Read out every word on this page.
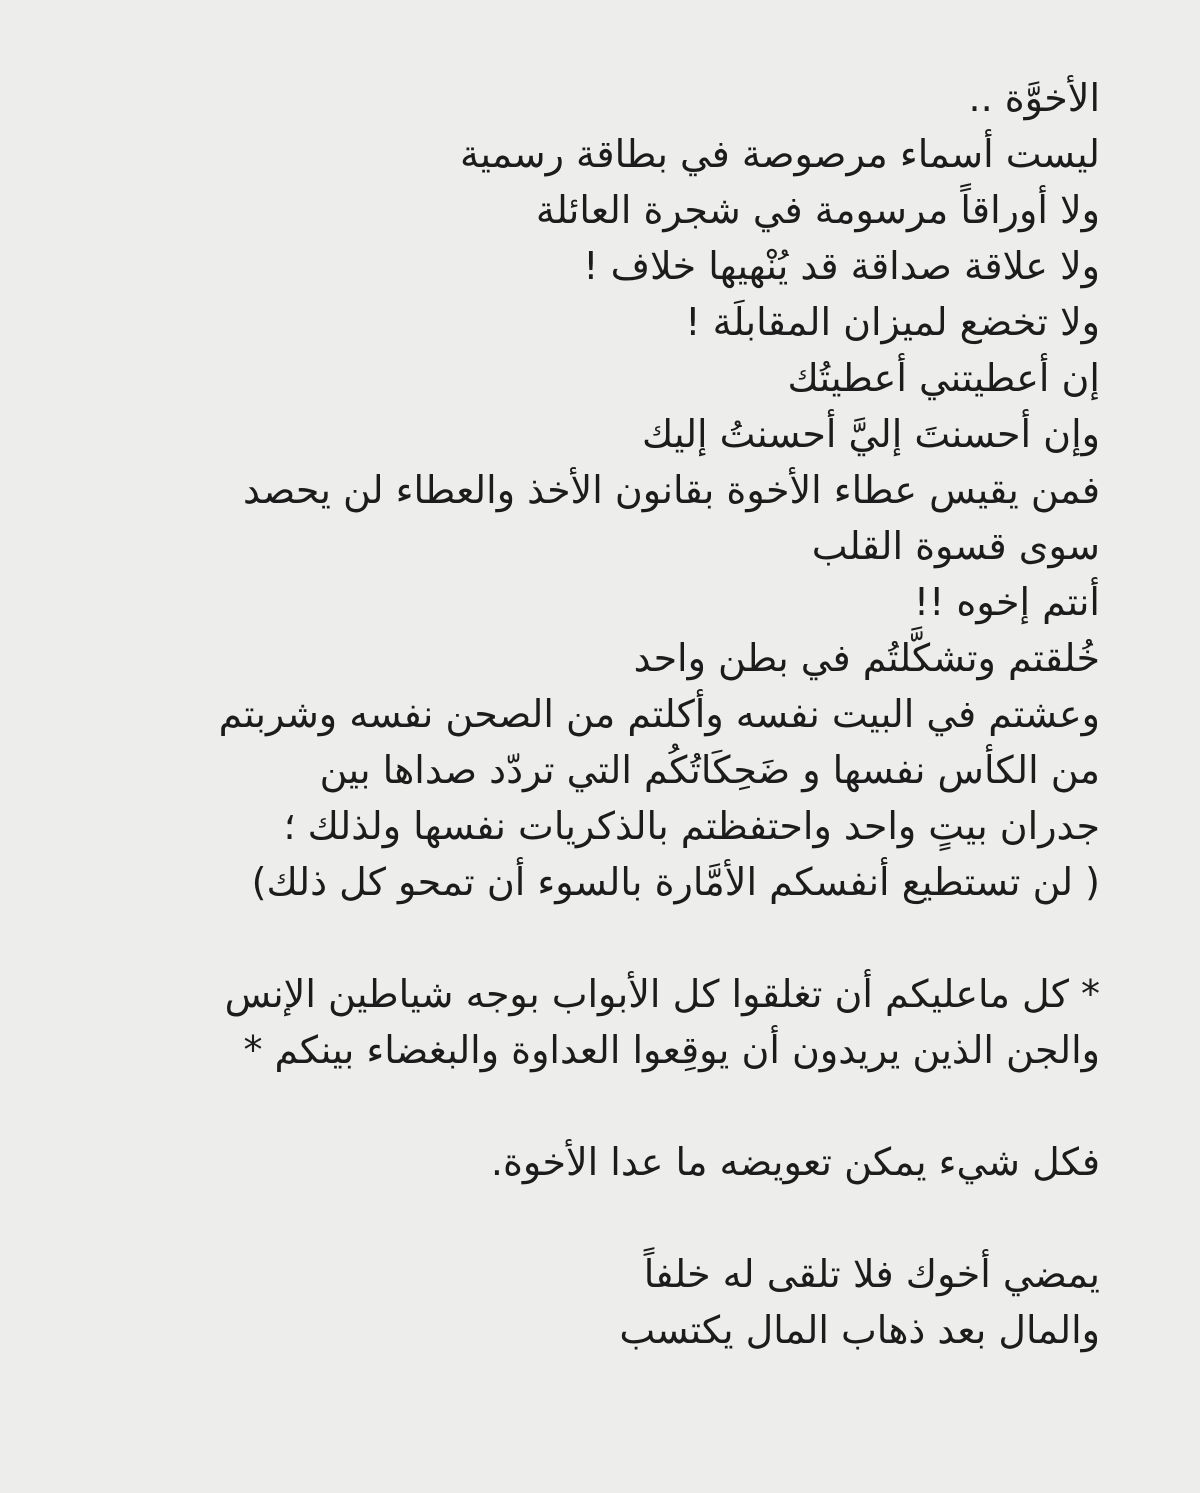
الأخوَّة ..
ليست أسماء مرصوصة في بطاقة رسمية
ولا أوراقاً مرسومة في شجرة العائلة
ولا علاقة صداقة قد يُنْهيها خلاف !
ولا تخضع لميزان المقابلَة !
إن أعطيتني أعطيتُك
وإن أحسنتَ إليَّ أحسنتُ إليك
فمن يقيس عطاء الأخوة بقانون الأخذ والعطاء لن يحصد
سوى قسوة القلب
أنتم إخوه !!
خُلقتم وتشكَّلتُم في بطن واحد
وعشتم في البيت نفسه وأكلتم من الصحن نفسه وشربتم
من الكأس نفسها و ضَحِكَاتُكُم التي تردّد صداها بين
جدران بيتٍ واحد واحتفظتم بالذكريات نفسها ولذلك ؛
( لن تستطيع أنفسكم الأمَّارة بالسوء أن تمحو كل ذلك)
* كل ماعليكم أن تغلقوا كل الأبواب بوجه شياطين الإنس
والجن الذين يريدون أن يوقِعوا العداوة والبغضاء بينكم *
فكل شيء يمكن تعويضه ما عدا الأخوة.
يمضي أخوك فلا تلقى له خلفاً
والمال بعد ذهاب المال يكتسب
